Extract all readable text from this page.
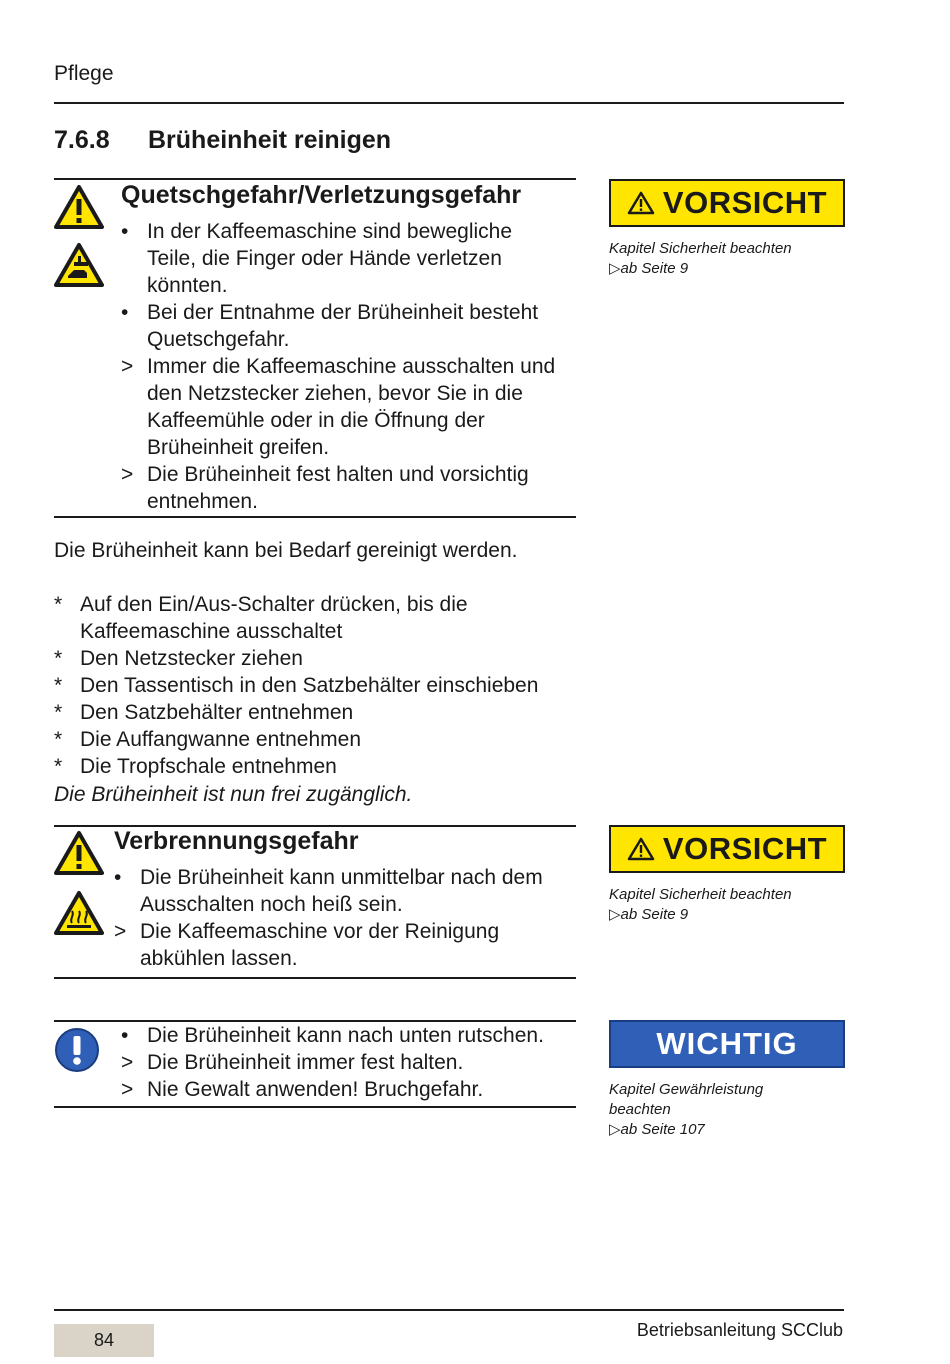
Pflege
7.6.8 Brüheinheit reinigen
Quetschgefahr/Verletzungsgefahr
• In der Kaffeemaschine sind bewegliche Teile, die Finger oder Hände verletzen könnten.
• Bei der Entnahme der Brüheinheit besteht Quetschgefahr.
> Immer die Kaffeemaschine ausschalten und den Netzstecker ziehen, bevor Sie in die Kaffeemühle oder in die Öffnung der Brüheinheit greifen.
> Die Brüheinheit fest halten und vorsichtig entnehmen.
VORSICHT
Kapitel Sicherheit beachten
▷ab Seite 9
Die Brüheinheit kann bei Bedarf gereinigt werden.
* Auf den Ein/Aus-Schalter drücken, bis die Kaffeemaschine ausschaltet
* Den Netzstecker ziehen
* Den Tassentisch in den Satzbehälter einschieben
* Den Satzbehälter entnehmen
* Die Auffangwanne entnehmen
* Die Tropfschale entnehmen
Die Brüheinheit ist nun frei zugänglich.
Verbrennungsgefahr
• Die Brüheinheit kann unmittelbar nach dem Ausschalten noch heiß sein.
> Die Kaffeemaschine vor der Reinigung abkühlen lassen.
VORSICHT
Kapitel Sicherheit beachten
▷ab Seite 9
• Die Brüheinheit kann nach unten rutschen.
> Die Brüheinheit immer fest halten.
> Nie Gewalt anwenden! Bruchgefahr.
WICHTIG
Kapitel Gewährleistung
beachten
▷ab Seite 107
84	Betriebsanleitung SCClub
